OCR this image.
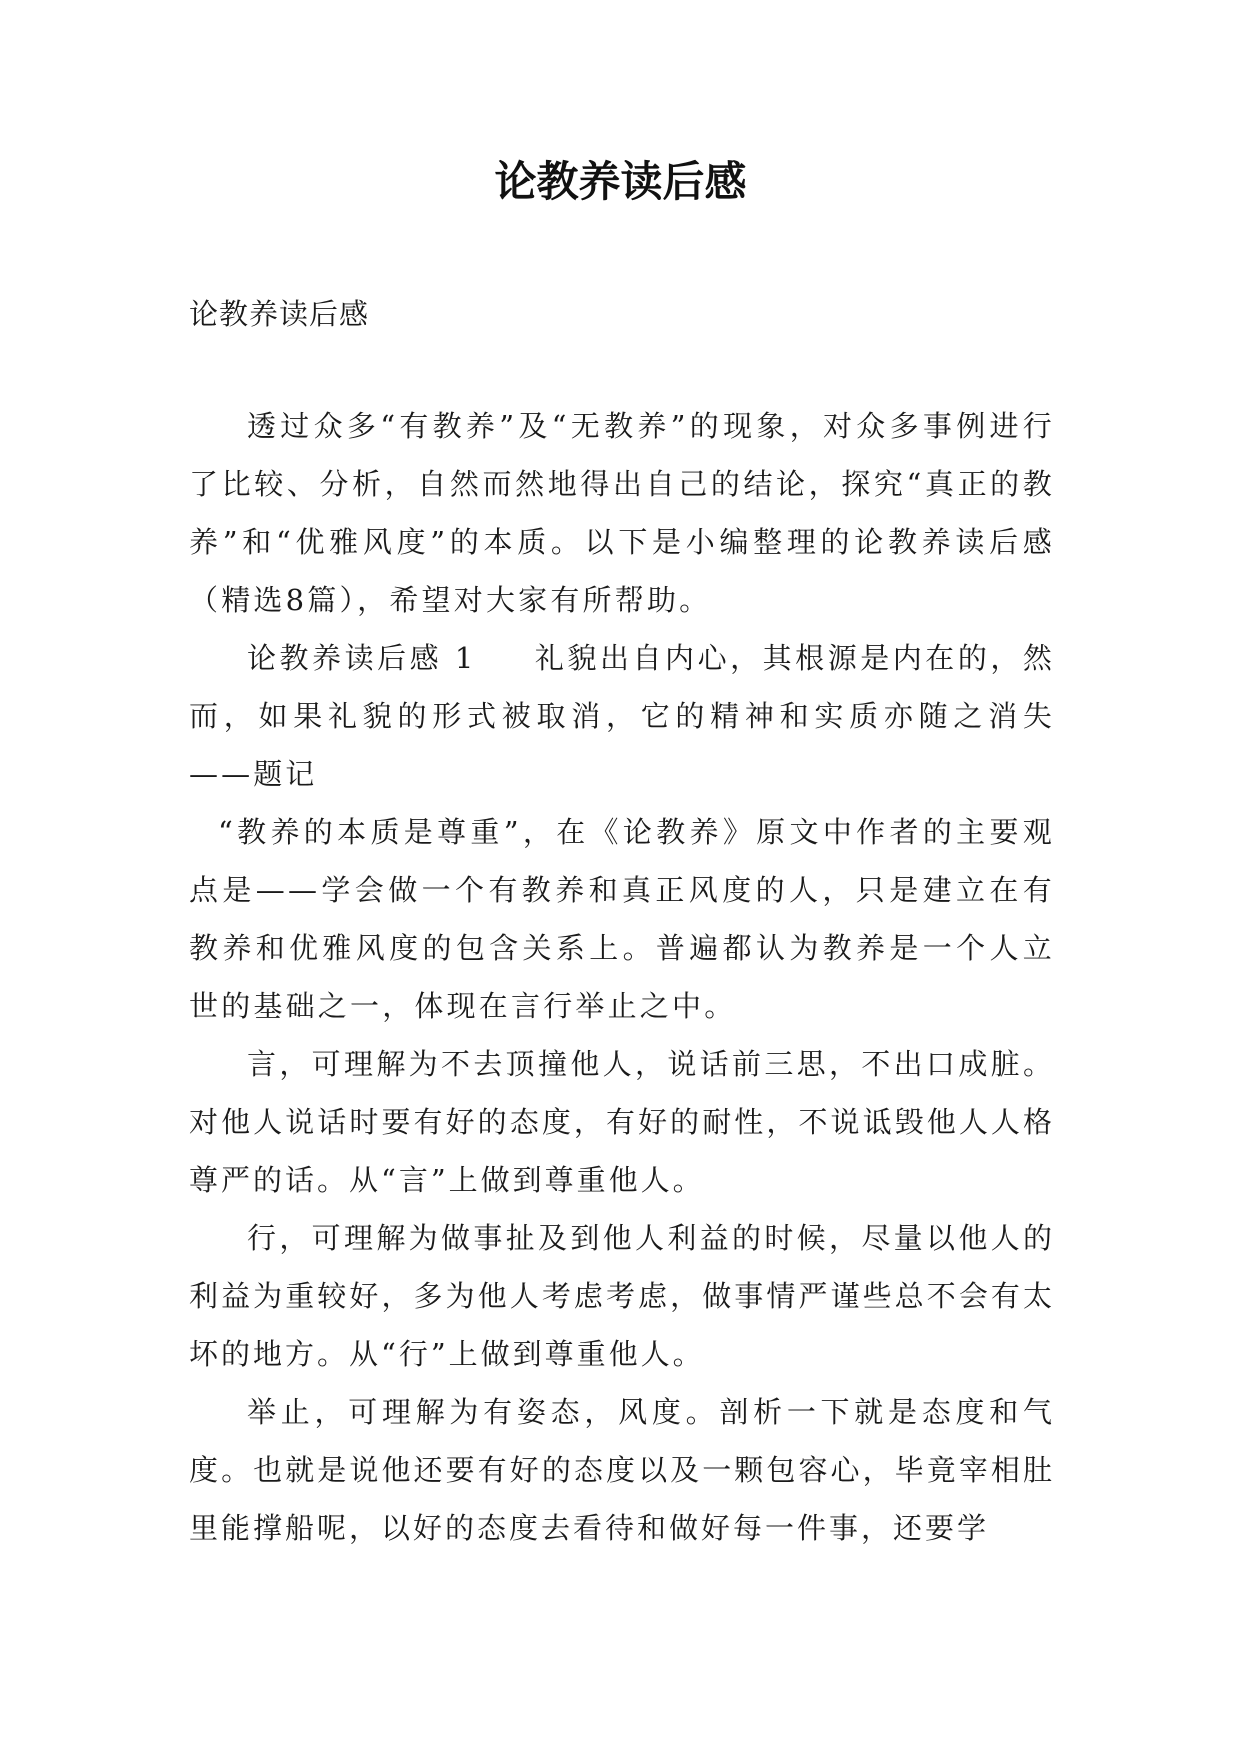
论教养读后感

论教养读后感

透过众多“有教养”及“无教养”的现象，对众多事例进行了比较、分析，自然而然地得出自己的结论，探究“真正的教养”和“优雅风度”的本质。以下是小编整理的论教养读后感（精选8篇），希望对大家有所帮助。

论教养读后感 1 礼貌出自内心，其根源是内在的，然而，如果礼貌的形式被取消，它的精神和实质亦随之消失——题记

“教养的本质是尊重”，在《论教养》原文中作者的主要观点是——学会做一个有教养和真正风度的人，只是建立在有教养和优雅风度的包含关系上。普遍都认为教养是一个人立世的基础之一，体现在言行举止之中。

言，可理解为不去顶撞他人，说话前三思，不出口成脏。对他人说话时要有好的态度，有好的耐性，不说诋毁他人人格尊严的话。从“言”上做到尊重他人。

行，可理解为做事扯及到他人利益的时候，尽量以他人的利益为重较好，多为他人考虑考虑，做事情严谨些总不会有太坏的地方。从“行”上做到尊重他人。

举止，可理解为有姿态，风度。剖析一下就是态度和气度。也就是说他还要有好的态度以及一颗包容心，毕竟宰相肚里能撑船呢，以好的态度去看待和做好每一件事，还要学
